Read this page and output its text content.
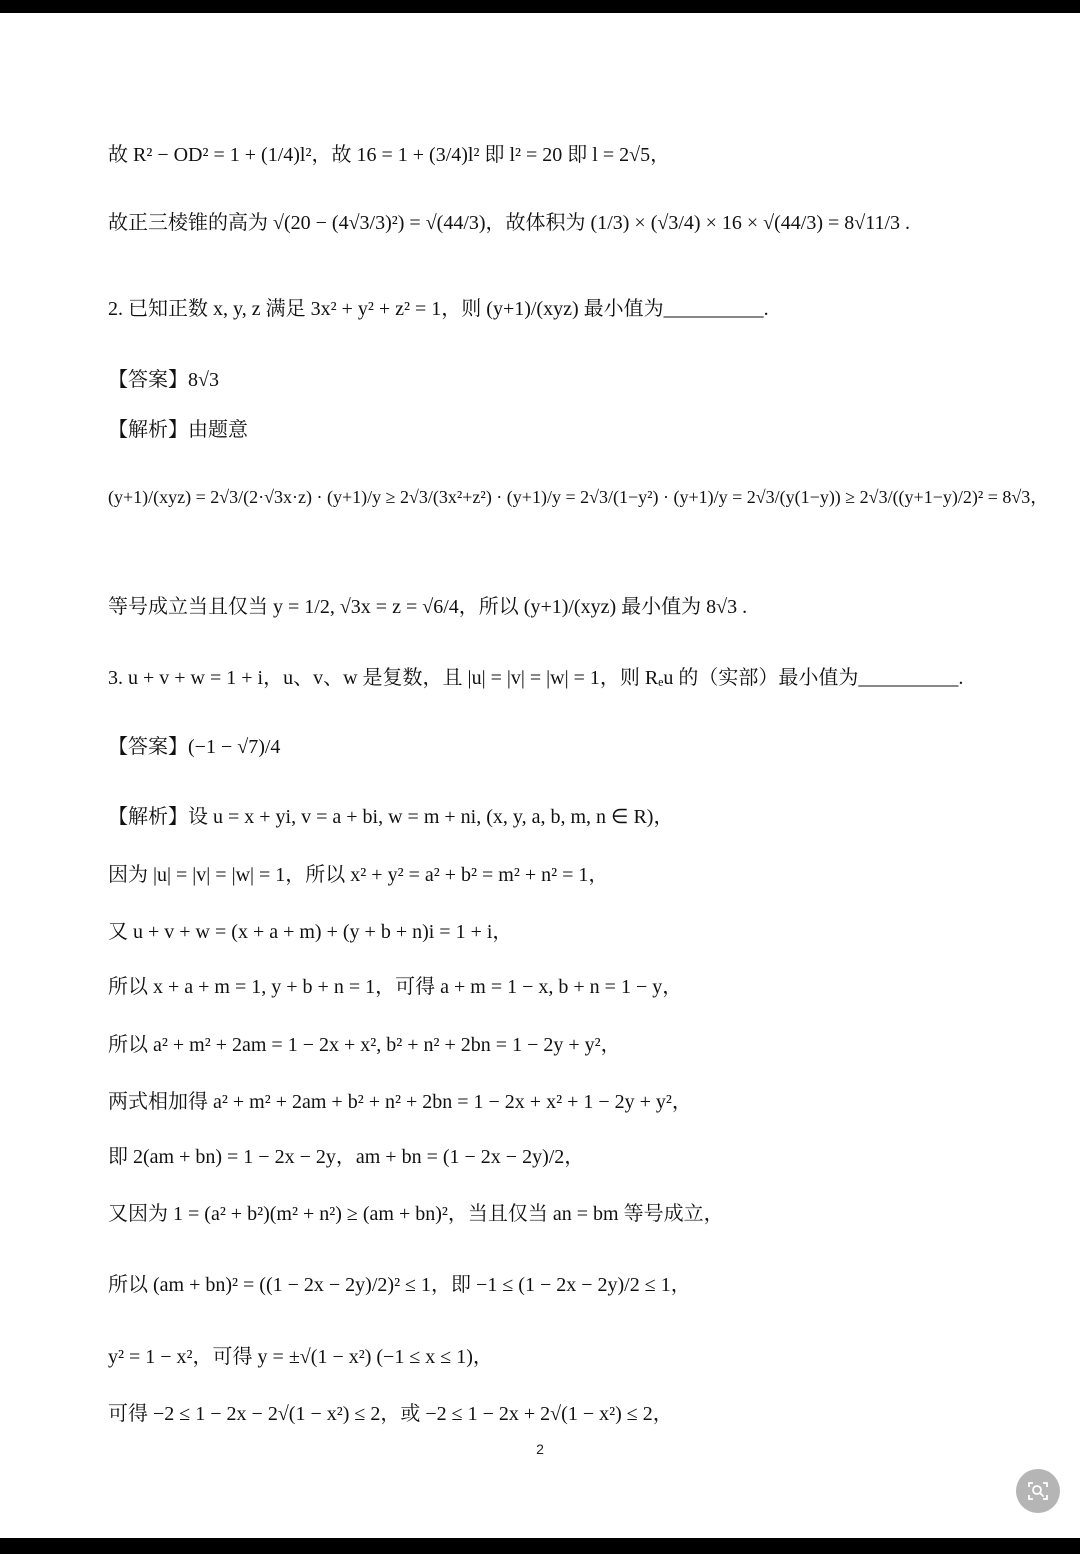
故 R² − OD² = 1 + (1/4)l²，故 16 = 1 + (3/4)l² 即 l² = 20 即 l = 2√5，
故正三棱锥的高为 √(20 − (4√3/3)²) = √(44/3)，故体积为 (1/3) × (√3/4) × 16 × √(44/3) = 8√11/3 .
2. 已知正数 x, y, z 满足 3x² + y² + z² = 1，则 (y+1)/(xyz) 最小值为__________.
【答案】8√3
【解析】由题意
(y+1)/(xyz) = 2√3/(2·√3x·z) · (y+1)/y ≥ 2√3/(3x²+z²) · (y+1)/y = 2√3/(1−y²) · (y+1)/y = 2√3/(y(1−y)) ≥ 2√3/((y+1−y)/2)² = 8√3，
等号成立当且仅当 y = 1/2, √3x = z = √6/4，所以 (y+1)/(xyz) 最小值为 8√3 .
3. u + v + w = 1 + i，u、v、w 是复数，且 |u| = |v| = |w| = 1，则 Rₑu 的（实部）最小值为__________.
【答案】(−1 − √7)/4
【解析】设 u = x + yi, v = a + bi, w = m + ni, (x, y, a, b, m, n ∈ R)，
因为 |u| = |v| = |w| = 1，所以 x² + y² = a² + b² = m² + n² = 1，
又 u + v + w = (x + a + m) + (y + b + n)i = 1 + i，
所以 x + a + m = 1, y + b + n = 1，可得 a + m = 1 − x, b + n = 1 − y，
所以 a² + m² + 2am = 1 − 2x + x², b² + n² + 2bn = 1 − 2y + y²，
两式相加得 a² + m² + 2am + b² + n² + 2bn = 1 − 2x + x² + 1 − 2y + y²，
即 2(am + bn) = 1 − 2x − 2y，am + bn = (1 − 2x − 2y)/2，
又因为 1 = (a² + b²)(m² + n²) ≥ (am + bn)²，当且仅当 an = bm 等号成立，
所以 (am + bn)² = ((1 − 2x − 2y)/2)² ≤ 1，即 −1 ≤ (1 − 2x − 2y)/2 ≤ 1，
y² = 1 − x²，可得 y = ±√(1 − x²) (−1 ≤ x ≤ 1)，
可得 −2 ≤ 1 − 2x − 2√(1 − x²) ≤ 2，或 −2 ≤ 1 − 2x + 2√(1 − x²) ≤ 2，
2
